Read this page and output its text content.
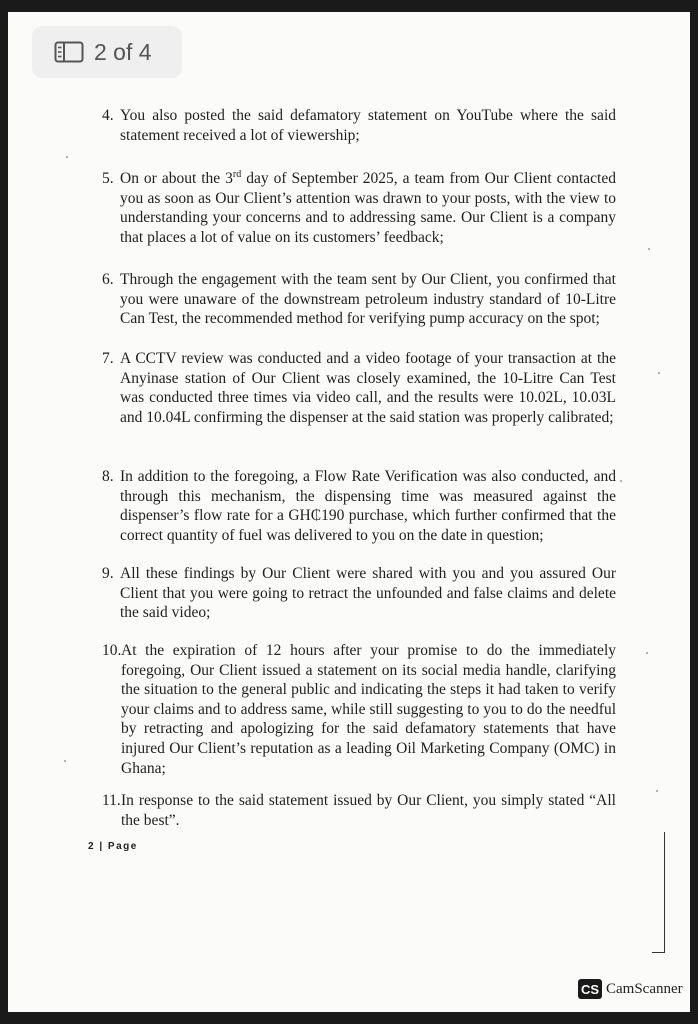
2 of 4
4. You also posted the said defamatory statement on YouTube where the said statement received a lot of viewership;
5. On or about the 3rd day of September 2025, a team from Our Client contacted you as soon as Our Client’s attention was drawn to your posts, with the view to understanding your concerns and to addressing same. Our Client is a company that places a lot of value on its customers’ feedback;
6. Through the engagement with the team sent by Our Client, you confirmed that you were unaware of the downstream petroleum industry standard of 10-Litre Can Test, the recommended method for verifying pump accuracy on the spot;
7. A CCTV review was conducted and a video footage of your transaction at the Anyinase station of Our Client was closely examined, the 10-Litre Can Test was conducted three times via video call, and the results were 10.02L, 10.03L and 10.04L confirming the dispenser at the said station was properly calibrated;
8. In addition to the foregoing, a Flow Rate Verification was also conducted, and through this mechanism, the dispensing time was measured against the dispenser’s flow rate for a GH₵190 purchase, which further confirmed that the correct quantity of fuel was delivered to you on the date in question;
9. All these findings by Our Client were shared with you and you assured Our Client that you were going to retract the unfounded and false claims and delete the said video;
10. At the expiration of 12 hours after your promise to do the immediately foregoing, Our Client issued a statement on its social media handle, clarifying the situation to the general public and indicating the steps it had taken to verify your claims and to address same, while still suggesting to you to do the needful by retracting and apologizing for the said defamatory statements that have injured Our Client’s reputation as a leading Oil Marketing Company (OMC) in Ghana;
11. In response to the said statement issued by Our Client, you simply stated “All the best”.
2 | Page
CS CamScanner
